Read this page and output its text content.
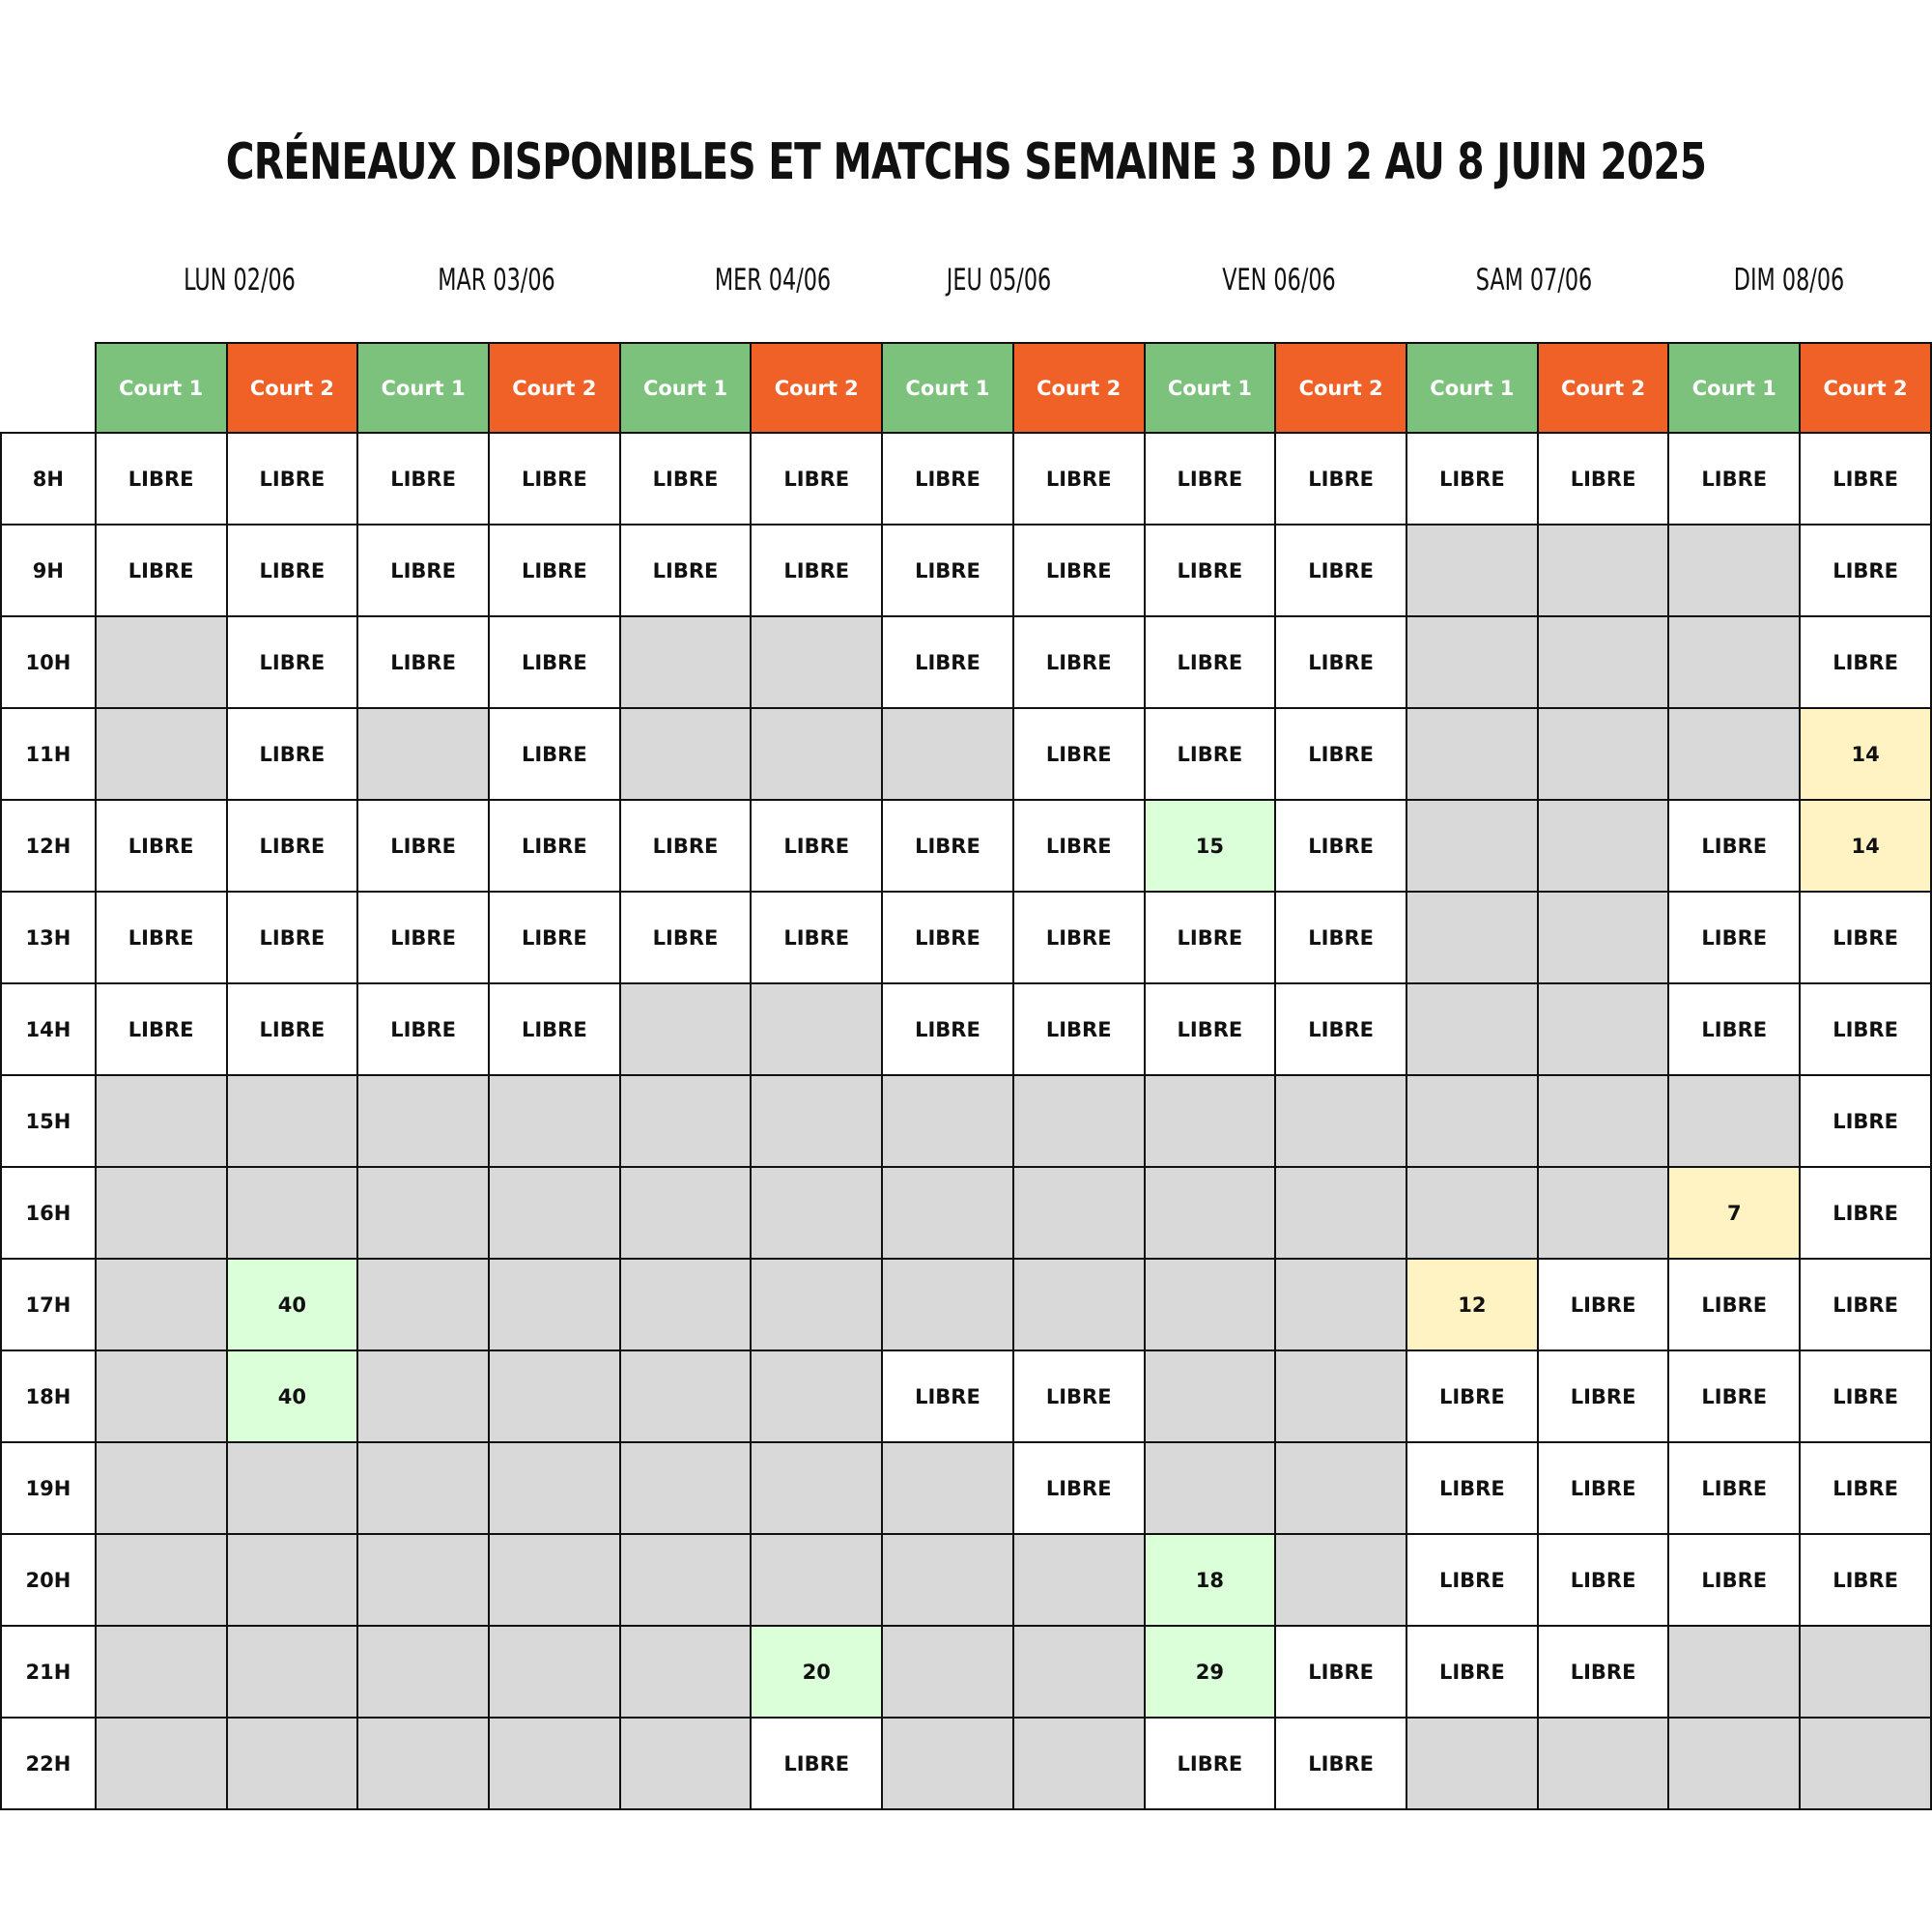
CRÉNEAUX DISPONIBLES ET MATCHS SEMAINE 3 DU 2 AU 8 JUIN 2025
LUN 02/06	MAR 03/06	MER 04/06	JEU 05/06	VEN 06/06	SAM 07/06	DIM 08/06
	Court 1	Court 2	Court 1	Court 2	Court 1	Court 2	Court 1	Court 2	Court 1	Court 2	Court 1	Court 2	Court 1	Court 2
8H	LIBRE	LIBRE	LIBRE	LIBRE	LIBRE	LIBRE	LIBRE	LIBRE	LIBRE	LIBRE	LIBRE	LIBRE	LIBRE	LIBRE
9H	LIBRE	LIBRE	LIBRE	LIBRE	LIBRE	LIBRE	LIBRE	LIBRE	LIBRE	LIBRE				LIBRE
10H		LIBRE	LIBRE	LIBRE			LIBRE	LIBRE	LIBRE	LIBRE				LIBRE
11H		LIBRE		LIBRE				LIBRE	LIBRE	LIBRE				14
12H	LIBRE	LIBRE	LIBRE	LIBRE	LIBRE	LIBRE	LIBRE	LIBRE	15	LIBRE			LIBRE	14
13H	LIBRE	LIBRE	LIBRE	LIBRE	LIBRE	LIBRE	LIBRE	LIBRE	LIBRE	LIBRE			LIBRE	LIBRE
14H	LIBRE	LIBRE	LIBRE	LIBRE			LIBRE	LIBRE	LIBRE	LIBRE			LIBRE	LIBRE
15H														LIBRE
16H													7	LIBRE
17H		40									12	LIBRE	LIBRE	LIBRE
18H		40					LIBRE	LIBRE			LIBRE	LIBRE	LIBRE	LIBRE
19H								LIBRE			LIBRE	LIBRE	LIBRE	LIBRE
20H									18		LIBRE	LIBRE	LIBRE	LIBRE
21H						20			29	LIBRE	LIBRE	LIBRE		
22H						LIBRE			LIBRE	LIBRE				
